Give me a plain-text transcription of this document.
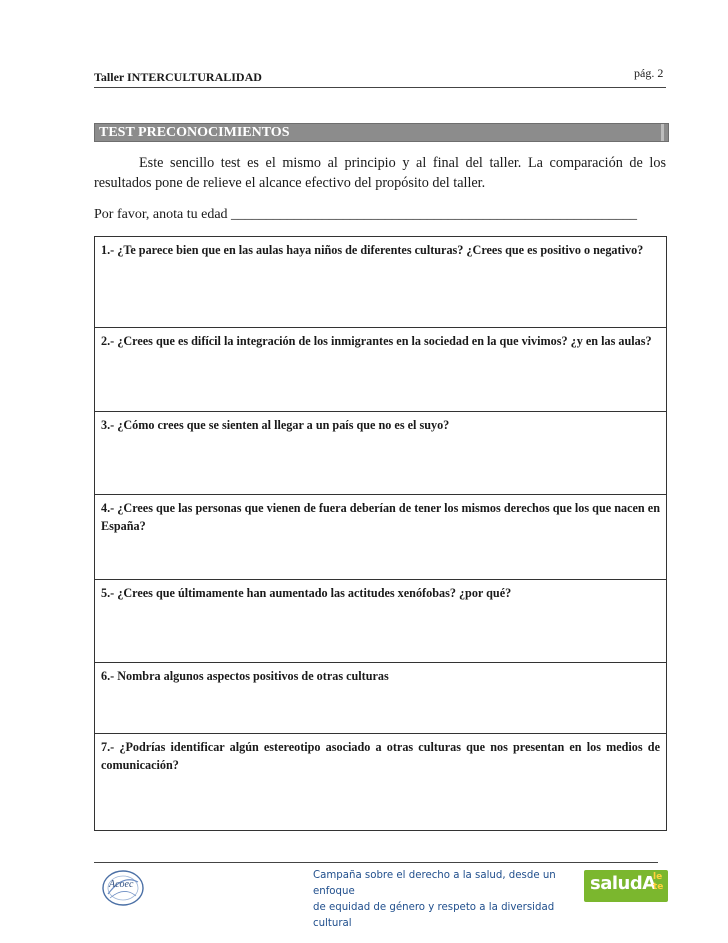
Taller INTERCULTURALIDAD	pág. 2
TEST PRECONOCIMIENTOS

Este sencillo test es el mismo al principio y al final del taller. La comparación de los resultados pone de relieve el alcance efectivo del propósito del taller.

Por favor, anota tu edad __________________________________________________________

1.- ¿Te parece bien que en las aulas haya niños de diferentes culturas? ¿Crees que es positivo o negativo?

2.- ¿Crees que es difícil la integración de los inmigrantes en la sociedad en la que vivimos? ¿y en las aulas?

3.- ¿Cómo crees que se sienten al llegar a un país que no es el suyo?

4.- ¿Crees que las personas que vienen de fuera deberían de tener los mismos derechos que los que nacen en España?

5.- ¿Crees que últimamente han aumentado las actitudes xenófobas? ¿por qué?

6.- Nombra algunos aspectos positivos de otras culturas

7.- ¿Podrías identificar algún estereotipo asociado a otras culturas que nos presentan en los medios de comunicación?

Acoec
Campaña sobre el derecho a la salud, desde un enfoque
de equidad de género y respeto a la diversidad cultural
saludA
le te
